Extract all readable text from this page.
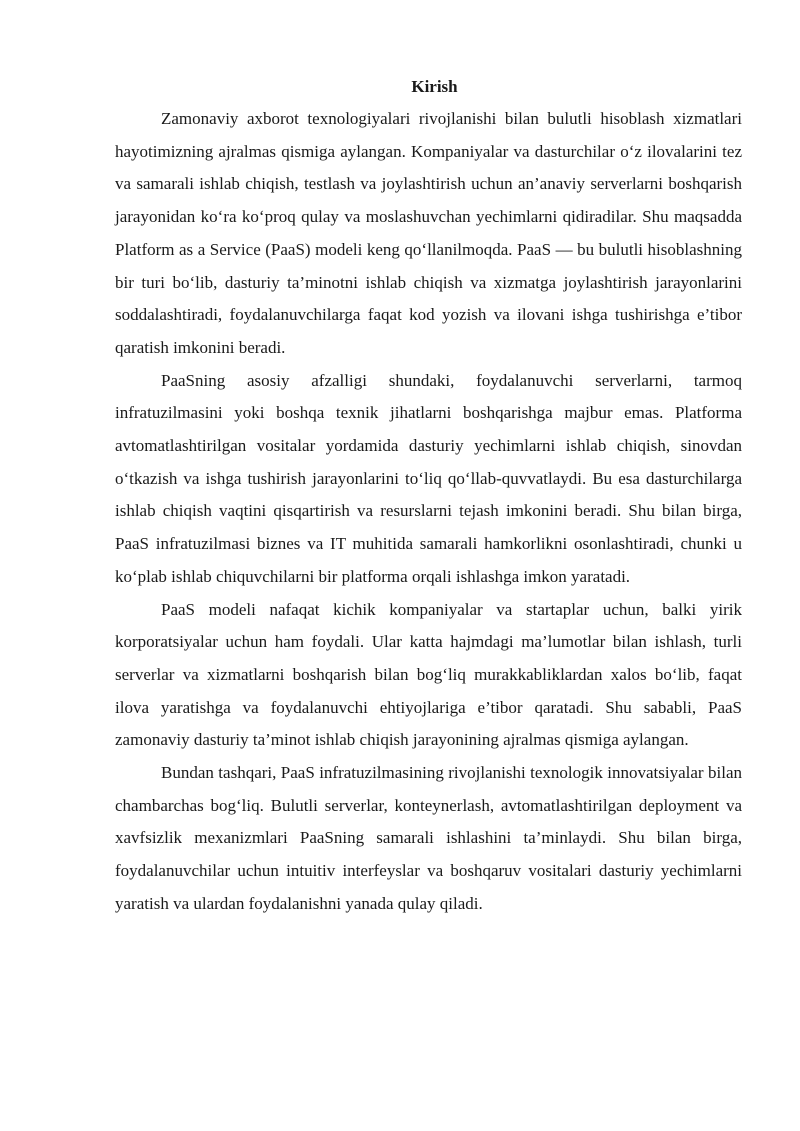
Kirish

Zamonaviy axborot texnologiyalari rivojlanishi bilan bulutli hisoblash xizmatlari hayotimizning ajralmas qismiga aylangan. Kompaniyalar va dasturchilar o‘z ilovalarini tez va samarali ishlab chiqish, testlash va joylashtirish uchun an’anaviy serverlarni boshqarish jarayonidan ko‘ra ko‘proq qulay va moslashuvchan yechimlarni qidiradilar. Shu maqsadda Platform as a Service (PaaS) modeli keng qo‘llanilmoqda. PaaS — bu bulutli hisoblashning bir turi bo‘lib, dasturiy ta’minotni ishlab chiqish va xizmatga joylashtirish jarayonlarini soddalashtiradi, foydalanuvchilarga faqat kod yozish va ilovani ishga tushirishga e’tibor qaratish imkonini beradi.

PaaSning asosiy afzalligi shundaki, foydalanuvchi serverlarni, tarmoq infratuzilmasini yoki boshqa texnik jihatlarni boshqarishga majbur emas. Platforma avtomatlashtirilgan vositalar yordamida dasturiy yechimlarni ishlab chiqish, sinovdan o‘tkazish va ishga tushirish jarayonlarini to‘liq qo‘llab-quvvatlaydi. Bu esa dasturchilarga ishlab chiqish vaqtini qisqartirish va resurslarni tejash imkonini beradi. Shu bilan birga, PaaS infratuzilmasi biznes va IT muhitida samarali hamkorlikni osonlashtiradi, chunki u ko‘plab ishlab chiquvchilarni bir platforma orqali ishlashga imkon yaratadi.

PaaS modeli nafaqat kichik kompaniyalar va startaplar uchun, balki yirik korporatsiyalar uchun ham foydali. Ular katta hajmdagi ma’lumotlar bilan ishlash, turli serverlar va xizmatlarni boshqarish bilan bog‘liq murakkabliklardan xalos bo‘lib, faqat ilova yaratishga va foydalanuvchi ehtiyojlariga e’tibor qaratadi. Shu sababli, PaaS zamonaviy dasturiy ta’minot ishlab chiqish jarayonining ajralmas qismiga aylangan.

Bundan tashqari, PaaS infratuzilmasining rivojlanishi texnologik innovatsiyalar bilan chambarchas bog‘liq. Bulutli serverlar, konteynerlash, avtomatlashtirilgan deployment va xavfsizlik mexanizmlari PaaSning samarali ishlashini ta’minlaydi. Shu bilan birga, foydalanuvchilar uchun intuitiv interfeyslar va boshqaruv vositalari dasturiy yechimlarni yaratish va ulardan foydalanishni yanada qulay qiladi.
